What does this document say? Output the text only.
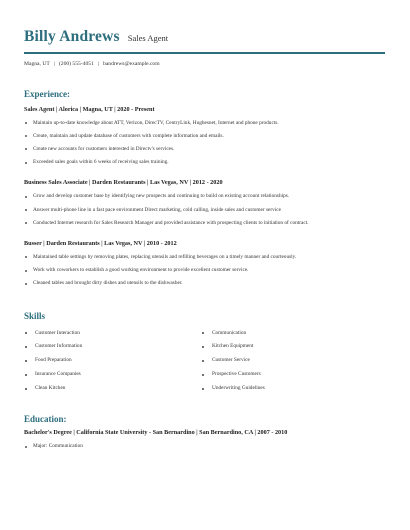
Billy Andrews Sales Agent
Magna, UT | (200) 555-4051 | bandrews@example.com
Experience:
Sales Agent | Alorica | Magna, UT | 2020 - Present
Maintain up-to-date knowledge about ATT, Verizon, DirecTV, CentryLink, Hughesnet, Internet and phone products.
Create, maintain and update database of customers with complete information and emails.
Create new accounts for customers interested in Directv's services.
Exceeded sales goals within 6 weeks of receiving sales training.
Business Sales Associate | Darden Restaurants | Las Vegas, NV | 2012 - 2020
Grow and develop customer base by identifying new prospects and continuing to build on existing account relationships.
Answer multi-phone line in a fast pace environment Direct marketing, cold calling, inside sales and customer service
Conducted Internet research for Sales Research Manager and provided assistance with prospecting clients to initiation of contract.
Busser | Darden Restaurants | Las Vegas, NV | 2010 - 2012
Maintained table settings by removing plates, replacing utensils and refilling beverages on a timely manner and courteously.
Work with coworkers to establish a good working environment to provide excellent customer service.
Cleaned tables and brought dirty dishes and utensils to the dishwasher.
Skills
Customer Interaction
Customer Information
Food Preparation
Insurance Companies
Clean Kitchen
Communication
Kitchen Equipment
Customer Service
Prospective Customers
Underwriting Guidelines
Education:
Bachelor's Degree | California State University - San Bernardino | San Bernardino, CA | 2007 - 2010
Major: Communication
